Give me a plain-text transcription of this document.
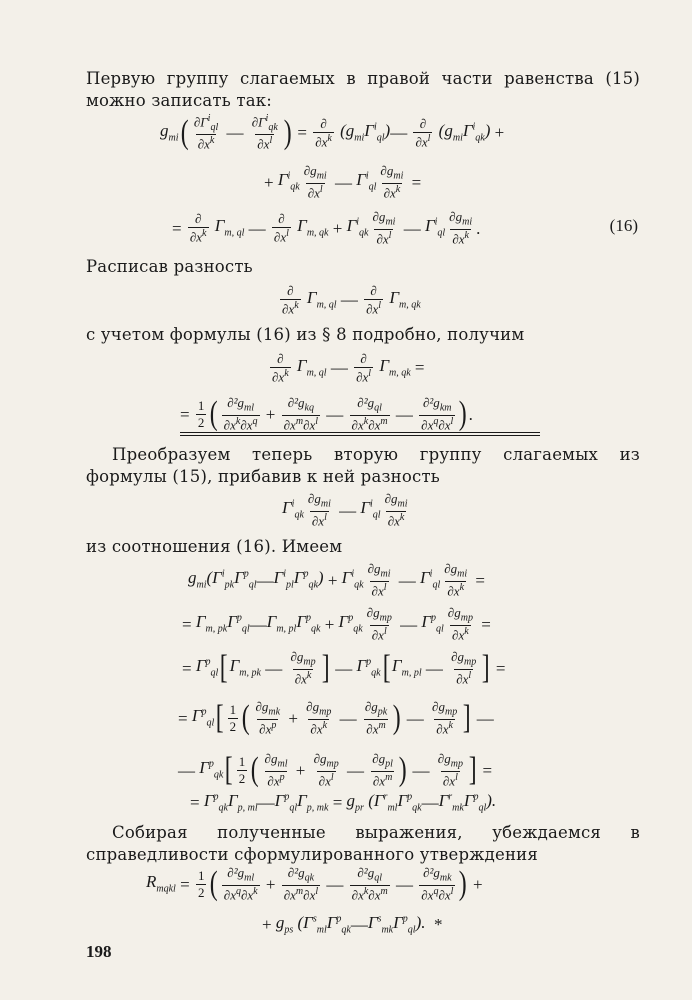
Первую группу слагаемых в правой части равенства (15) можно записать так:
$g_{mi}$ ( $\frac{\partial\Gamma^i_{ql}}{\partial x^k}$ — $\frac{\partial\Gamma^i_{qk}}{\partial x^l}$ ) = $\frac{\partial}{\partial x^k} (g_{mi}\Gamma^i_{ql})$ — $\frac{\partial}{\partial x^l} (g_{mi}\Gamma^i_{qk})$ +
+ $\Gamma^i_{qk} \frac{\partial g_{mi}}{\partial x^l}$ — $\Gamma^i_{ql} \frac{\partial g_{mi}}{\partial x^k}$ =
= $\frac{\partial}{\partial x^k} \Gamma_{m, ql}$ — $\frac{\partial}{\partial x^l} \Gamma_{m, qk} + \Gamma^i_{qk} \frac{\partial g_{mi}}{\partial x^l}$ — $\Gamma^i_{ql} \frac{\partial g_{mi}}{\partial x^k}$ .	(16)
Расписав разность
$\frac{\partial}{\partial x^k} \Gamma_{m, ql}$ — $\frac{\partial}{\partial x^l} \Gamma_{m, qk}$
с учетом формулы (16) из § 8 подробно, получим
$\frac{\partial}{\partial x^k} \Gamma_{m, ql}$ — $\frac{\partial}{\partial x^l} \Gamma_{m, qk}$ =
= $\frac{1}{2}$ ( $\frac{\partial^2g_{ml}}{\partial x^k\partial x^q} + \frac{\partial^2g_{kq}}{\partial x^m\partial x^l}$ — $\frac{\partial^2g_{ql}}{\partial x^k\partial x^m}$ — $\frac{\partial^2g_{km}}{\partial x^q\partial x^l}$ ) .
Преобразуем теперь вторую группу слагаемых из формулы (15), прибавив к ней разность
$\Gamma^i_{qk} \frac{\partial g_{mi}}{\partial x^l}$ — $\Gamma^i_{ql} \frac{\partial g_{mi}}{\partial x^k}$
из соотношения (16). Имеем
$g_{mi}(\Gamma^i_{pk}\Gamma^p_{ql}$ — $\Gamma^i_{pl}\Gamma^p_{qk}) + \Gamma^i_{qk} \frac{\partial g_{mi}}{\partial x^l}$ — $\Gamma^i_{ql} \frac{\partial g_{mi}}{\partial x^k}$ =
= $\Gamma_{m, pk}\Gamma^p_{ql}$ — $\Gamma_{m, pl}\Gamma^p_{qk} + \Gamma^p_{qk} \frac{\partial g_{mp}}{\partial x^l}$ — $\Gamma^p_{ql} \frac{\partial g_{mp}}{\partial x^k}$ =
= $\Gamma^p_{ql}$ [ $\Gamma_{m, pk}$ — $\frac{\partial g_{mp}}{\partial x^k}$ ] — $\Gamma^p_{qk}$ [ $\Gamma_{m, pl}$ — $\frac{\partial g_{mp}}{\partial x^l}$ ] =
= $\Gamma^p_{ql}$ [ $\frac{1}{2}$ ( $\frac{\partial g_{mk}}{\partial x^p} + \frac{\partial g_{mp}}{\partial x^k}$ — $\frac{\partial g_{pk}}{\partial x^m}$ ) — $\frac{\partial g_{mp}}{\partial x^k}$ ] —
— $\Gamma^p_{qk}$ [ $\frac{1}{2}$ ( $\frac{\partial g_{ml}}{\partial x^p} + \frac{\partial g_{mp}}{\partial x^l}$ — $\frac{\partial g_{pl}}{\partial x^m}$ ) — $\frac{\partial g_{mp}}{\partial x^l}$ ] =
= $\Gamma^p_{qk}\Gamma_{p, ml}$ — $\Gamma^p_{ql}\Gamma_{p, mk} = g_{pr}$ ($\Gamma^r_{ml}\Gamma^p_{qk}$ — $\Gamma^r_{mk}\Gamma^p_{ql}$).
Собирая полученные выражения, убеждаемся в справедливости сформулированного утверждения
$R_{mqkl} = \frac{1}{2}$ ( $\frac{\partial^2g_{ml}}{\partial x^q\partial x^k} + \frac{\partial^2g_{qk}}{\partial x^m\partial x^l}$ — $\frac{\partial^2g_{ql}}{\partial x^k\partial x^m}$ — $\frac{\partial^2g_{mk}}{\partial x^q\partial x^l}$ ) +
+ $g_{ps}$ ($\Gamma^s_{ml}\Gamma^p_{qk}$ — $\Gamma^s_{mk}\Gamma^p_{ql}$). *
198
